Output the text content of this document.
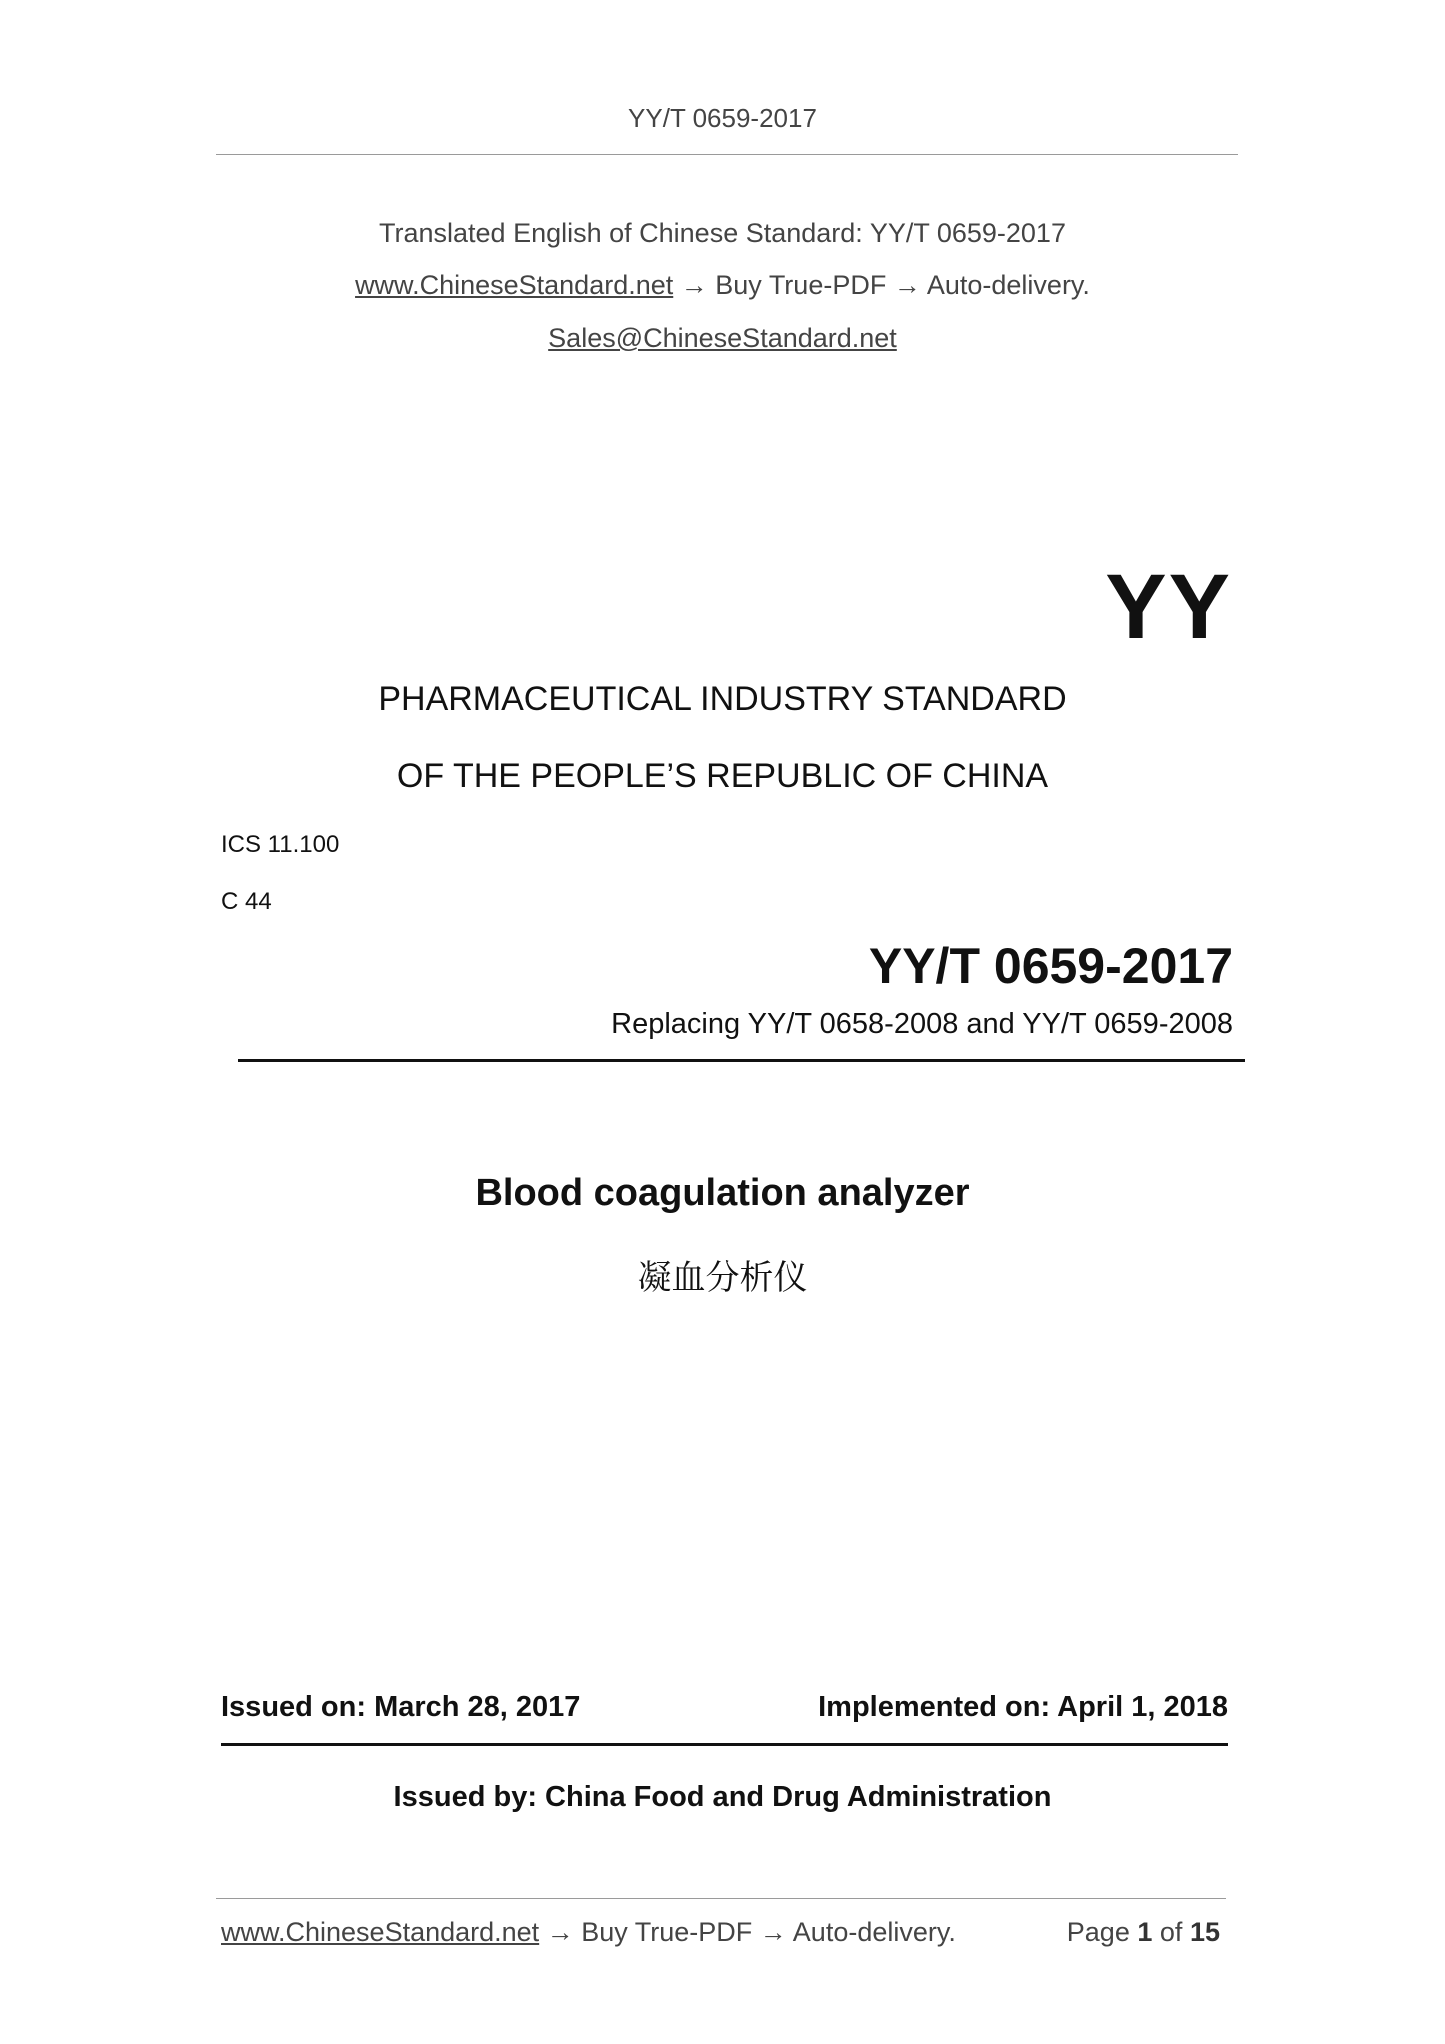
YY/T 0659-2017
Translated English of Chinese Standard: YY/T 0659-2017
www.ChineseStandard.net → Buy True-PDF → Auto-delivery.
Sales@ChineseStandard.net
YY
PHARMACEUTICAL INDUSTRY STANDARD
OF THE PEOPLE’S REPUBLIC OF CHINA
ICS 11.100
C 44
YY/T 0659-2017
Replacing YY/T 0658-2008 and YY/T 0659-2008
Blood coagulation analyzer
凝血分析仪
Issued on: March 28, 2017	Implemented on: April 1, 2018
Issued by: China Food and Drug Administration
www.ChineseStandard.net → Buy True-PDF → Auto-delivery.	Page 1 of 15
